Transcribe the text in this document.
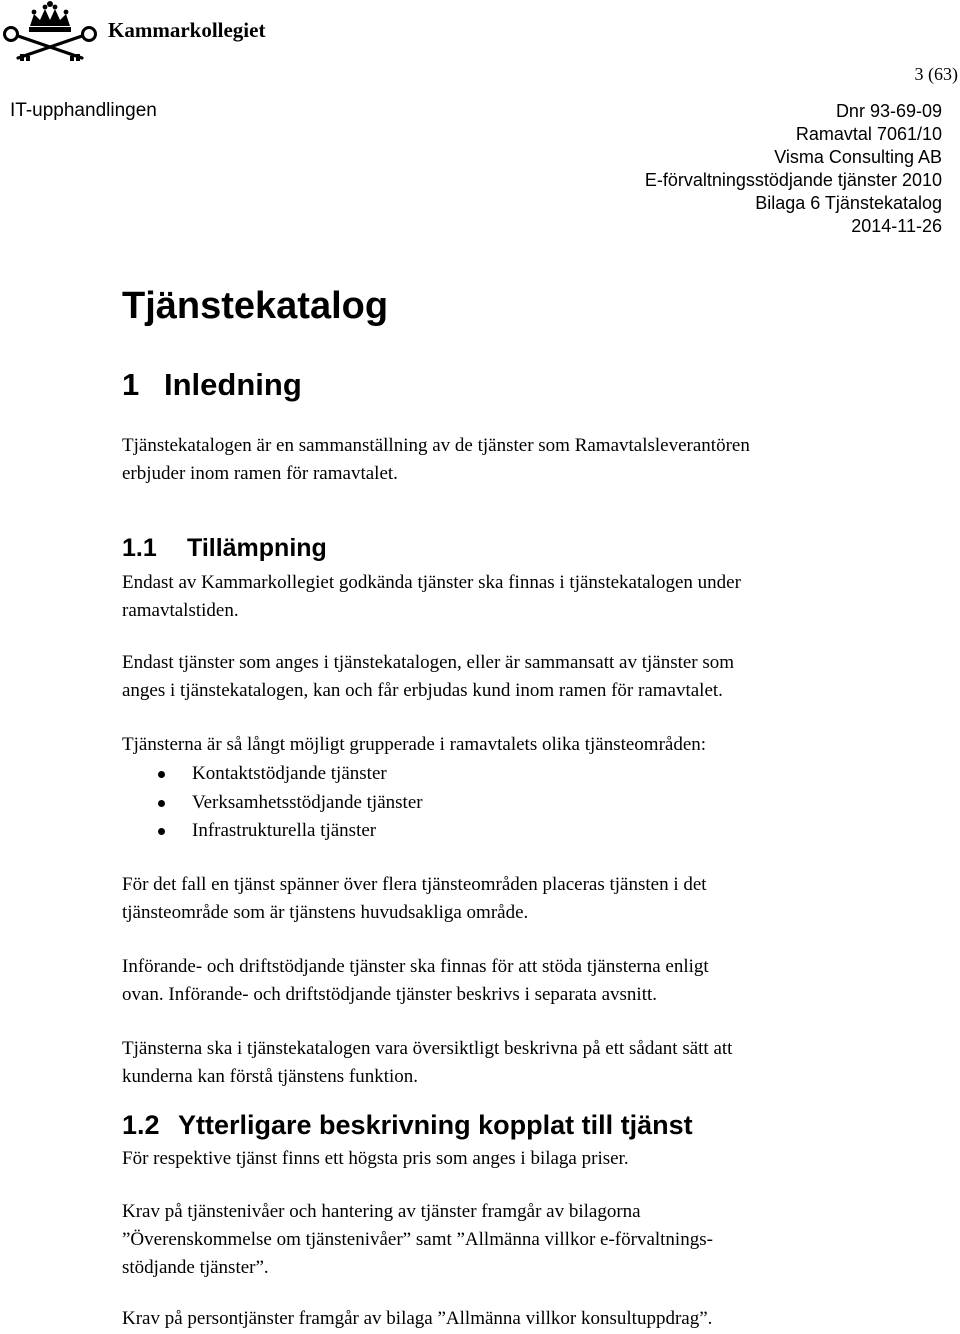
Kammarkollegiet
3 (63)
IT-upphandlingen	Dnr 93-69-09
Ramavtal 7061/10
Visma Consulting AB
E-förvaltningsstödjande tjänster 2010
Bilaga 6 Tjänstekatalog
2014-11-26
Tjänstekatalog
1 Inledning
Tjänstekatalogen är en sammanställning av de tjänster som Ramavtalsleverantören
erbjuder inom ramen för ramavtalet.
1.1 Tillämpning
Endast av Kammarkollegiet godkända tjänster ska finnas i tjänstekatalogen under
ramavtalstiden.
Endast tjänster som anges i tjänstekatalogen, eller är sammansatt av tjänster som
anges i tjänstekatalogen, kan och får erbjudas kund inom ramen för ramavtalet.
Tjänsterna är så långt möjligt grupperade i ramavtalets olika tjänsteområden:
Kontaktstödjande tjänster
Verksamhetsstödjande tjänster
Infrastrukturella tjänster
För det fall en tjänst spänner över flera tjänsteområden placeras tjänsten i det
tjänsteområde som är tjänstens huvudsakliga område.
Införande- och driftstödjande tjänster ska finnas för att stöda tjänsterna enligt
ovan. Införande- och driftstödjande tjänster beskrivs i separata avsnitt.
Tjänsterna ska i tjänstekatalogen vara översiktligt beskrivna på ett sådant sätt att
kunderna kan förstå tjänstens funktion.
1.2 Ytterligare beskrivning kopplat till tjänst
För respektive tjänst finns ett högsta pris som anges i bilaga priser.
Krav på tjänstenivåer och hantering av tjänster framgår av bilagorna
”Överenskommelse om tjänstenivåer” samt ”Allmänna villkor e-förvaltnings-
stödjande tjänster”.
Krav på persontjänster framgår av bilaga ”Allmänna villkor konsultuppdrag”.
